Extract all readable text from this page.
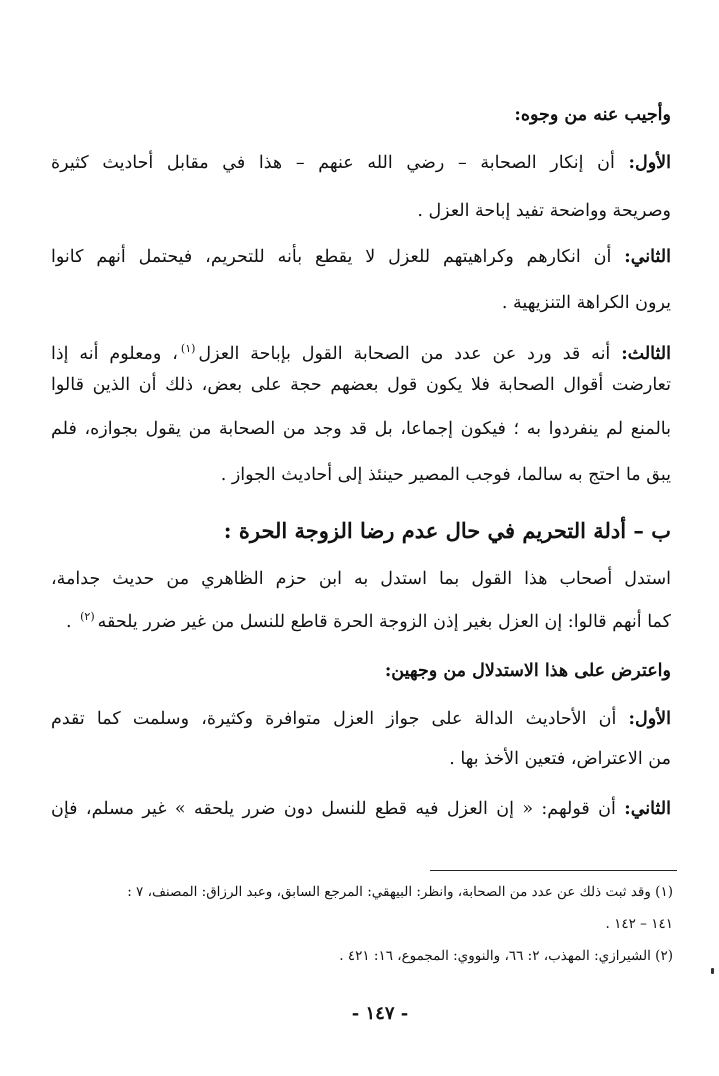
وأجيب عنه من وجوه:
الأول: أن إنكار الصحابة – رضي الله عنهم – هذا في مقابل أحاديث كثيرة
وصريحة وواضحة تفيد إباحة العزل .
الثاني: أن انكارهم وكراهيتهم للعزل لا يقطع بأنه للتحريم، فيحتمل أنهم كانوا
يرون الكراهة التنزيهية .
الثالث: أنه قد ورد عن عدد من الصحابة القول بإباحة العزل$^{(١)}$، ومعلوم أنه إذا
تعارضت أقوال الصحابة فلا يكون قول بعضهم حجة على بعض، ذلك أن الذين قالوا
بالمنع لم ينفردوا به ؛ فيكون إجماعا، بل قد وجد من الصحابة من يقول بجوازه، فلم
يبق ما احتج به سالما، فوجب المصير حينئذ إلى أحاديث الجواز .
ب – أدلة التحريم في حال عدم رضا الزوجة الحرة :
استدل أصحاب هذا القول بما استدل به ابن حزم الظاهري من حديث جدامة،
كما أنهم قالوا: إن العزل بغير إذن الزوجة الحرة قاطع للنسل من غير ضرر يلحقه$^{(٢)}$ .
واعترض على هذا الاستدلال من وجهين:
الأول: أن الأحاديث الدالة على جواز العزل متوافرة وكثيرة، وسلمت كما تقدم
من الاعتراض، فتعين الأخذ بها .
الثاني: أن قولهم: « إن العزل فيه قطع للنسل دون ضرر يلحقه » غير مسلم، فإن
(١) وقد ثبت ذلك عن عدد من الصحابة، وانظر: البيهقي: المرجع السابق، وعبد الرزاق: المصنف، ٧ :
١٤١ – ١٤٢ .
(٢) الشيرازي: المهذب، ٢: ٦٦، والنووي: المجموع، ١٦: ٤٢١ .
- ١٤٧ -
